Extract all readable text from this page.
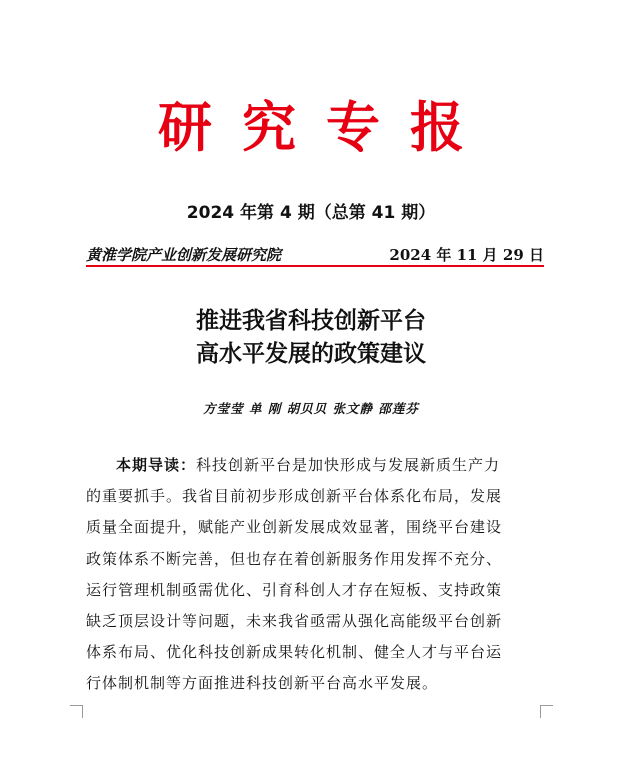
研究专报
2024 年第 4 期（总第 41 期）
黄淮学院产业创新发展研究院	2024 年 11 月 29 日
推进我省科技创新平台
高水平发展的政策建议
方莹莹 单 刚 胡贝贝 张文静 邵莲芬
本期导读：科技创新平台是加快形成与发展新质生产力
的重要抓手。我省目前初步形成创新平台体系化布局，发展
质量全面提升，赋能产业创新发展成效显著，围绕平台建设
政策体系不断完善，但也存在着创新服务作用发挥不充分、
运行管理机制亟需优化、引育科创人才存在短板、支持政策
缺乏顶层设计等问题，未来我省亟需从强化高能级平台创新
体系布局、优化科技创新成果转化机制、健全人才与平台运
行体制机制等方面推进科技创新平台高水平发展。
